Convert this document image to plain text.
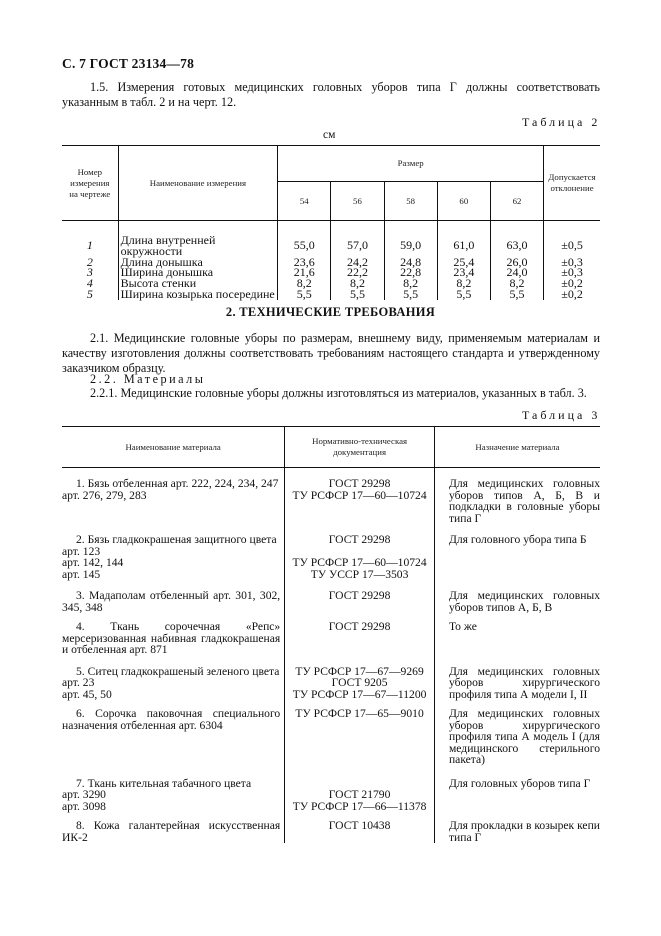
С. 7 ГОСТ 23134—78
1.5. Измерения готовых медицинских головных уборов типа Г должны соответствовать указанным в табл. 2 и на черт. 12.
Таблица 2
см
Номер
измерения
на чертеже	Наименование измерения	Размер					Допускается
отклонение

		54	56	58	60	62	
1	Длина внутренней окружности	55,0	57,0	59,0	61,0	63,0	±0,5
2	Длина донышка	23,6	24,2	24,8	25,4	26,0	±0,3
3	Ширина донышка	21,6	22,2	22,8	23,4	24,0	±0,3
4	Высота стенки	8,2	8,2	8,2	8,2	8,2	±0,2
5	Ширина козырька посередине	5,5	5,5	5,5	5,5	5,5	±0,2
2. ТЕХНИЧЕСКИЕ ТРЕБОВАНИЯ
2.1. Медицинские головные уборы по размерам, внешнему виду, применяемым материалам и качеству изготовления должны соответствовать требованиям настоящего стандарта и утвержденному заказчиком образцу.
2.2. Материалы
2.2.1. Медицинские головные уборы должны изготовляться из материалов, указанных в табл. 3.
Таблица 3
Наименование материала	Нормативно-техническая
документация	Назначение материала

1. Бязь отбеленная арт. 222, 224, 234, 247
арт. 276, 279, 283	ГОСТ 29298
ТУ РСФСР 17—60—10724	Для медицинских головных уборов типов А, Б, В и подкладки в головные уборы типа Г

2. Бязь гладкокрашеная защитного цвета
арт. 123
арт. 142, 144
арт. 145	ГОСТ 29298
ТУ РСФСР 17—60—10724
ТУ УССР 17—3503	Для головного убора типа Б

3. Мадаполам отбеленный арт. 301, 302, 345, 348	ГОСТ 29298	Для медицинских головных уборов типов А, Б, В

4. Ткань сорочечная «Репс» мерсеризованная набивная гладкокрашеная и отбеленная арт. 871	ГОСТ 29298	То же

5. Ситец гладкокрашеный зеленого цвета
арт. 23
арт. 45, 50	ТУ РСФСР 17—67—9269
ГОСТ 9205
ТУ РСФСР 17—67—11200	Для медицинских головных уборов хирургического профиля типа А модели I, II

6. Сорочка паковочная специального назначения отбеленная арт. 6304	ТУ РСФСР 17—65—9010	Для медицинских головных уборов хирургического профиля типа А модель I (для медицинского стерильного пакета)

7. Ткань кительная табачного цвета
арт. 3290
арт. 3098	ГОСТ 21790
ТУ РСФСР 17—66—11378	Для головных уборов типа Г

8. Кожа галантерейная искусственная ИК-2	ГОСТ 10438	Для прокладки в козырек кепи типа Г
